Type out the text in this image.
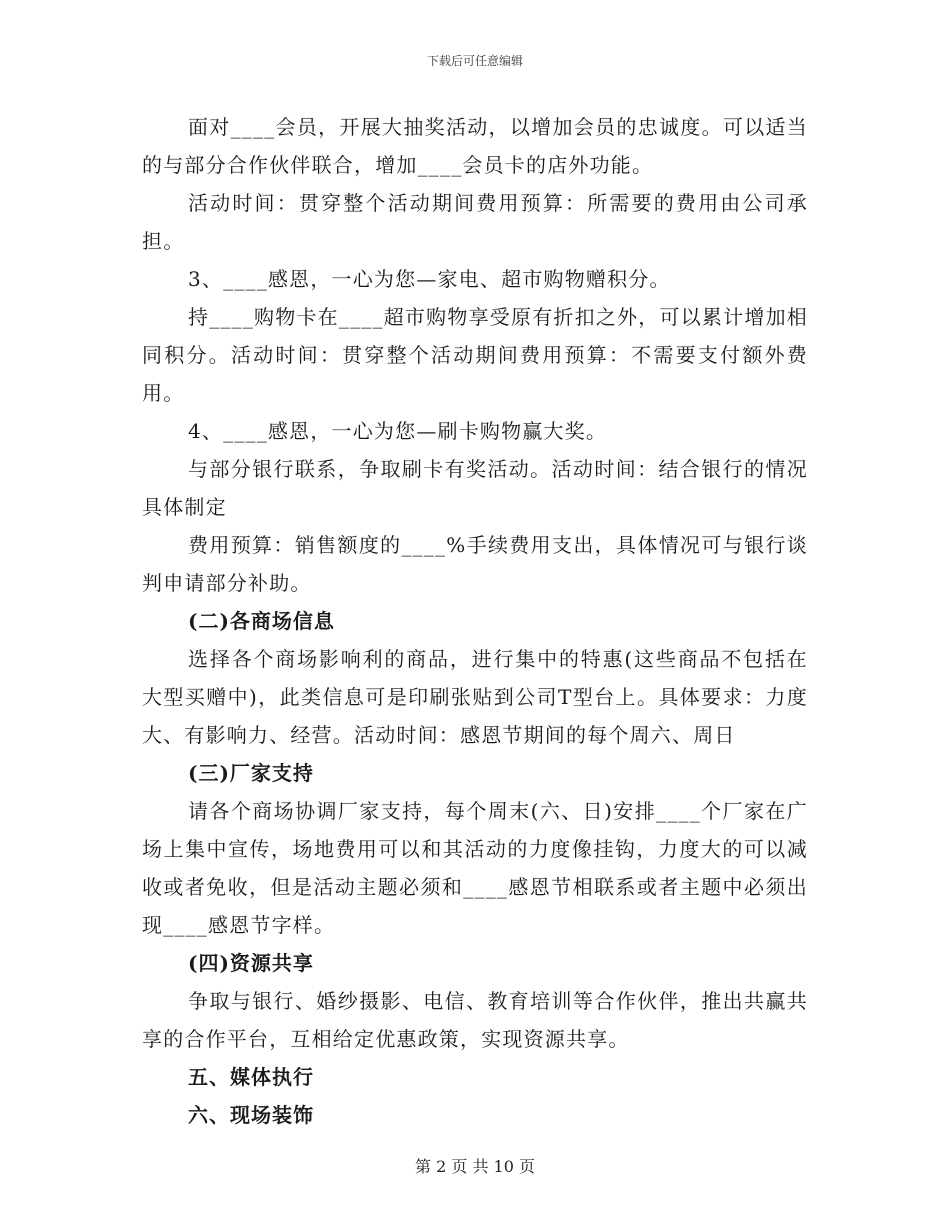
下载后可任意编辑

面对____会员，开展大抽奖活动，以增加会员的忠诚度。可以适当的与部分合作伙伴联合，增加____会员卡的店外功能。

活动时间：贯穿整个活动期间费用预算：所需要的费用由公司承担。

3、____感恩，一心为您—家电、超市购物赠积分。

持____购物卡在____超市购物享受原有折扣之外，可以累计增加相同积分。活动时间：贯穿整个活动期间费用预算：不需要支付额外费用。

4、____感恩，一心为您—刷卡购物赢大奖。

与部分银行联系，争取刷卡有奖活动。活动时间：结合银行的情况具体制定

费用预算：销售额度的____%手续费用支出，具体情况可与银行谈判申请部分补助。

(二)各商场信息

选择各个商场影响利的商品，进行集中的特惠(这些商品不包括在大型买赠中)，此类信息可是印刷张贴到公司T型台上。具体要求：力度大、有影响力、经营。活动时间：感恩节期间的每个周六、周日

(三)厂家支持

请各个商场协调厂家支持，每个周末(六、日)安排____个厂家在广场上集中宣传，场地费用可以和其活动的力度像挂钩，力度大的可以减收或者免收，但是活动主题必须和____感恩节相联系或者主题中必须出现____感恩节字样。

(四)资源共享

争取与银行、婚纱摄影、电信、教育培训等合作伙伴，推出共赢共享的合作平台，互相给定优惠政策，实现资源共享。

五、媒体执行

六、现场装饰

第 2 页 共 10 页
